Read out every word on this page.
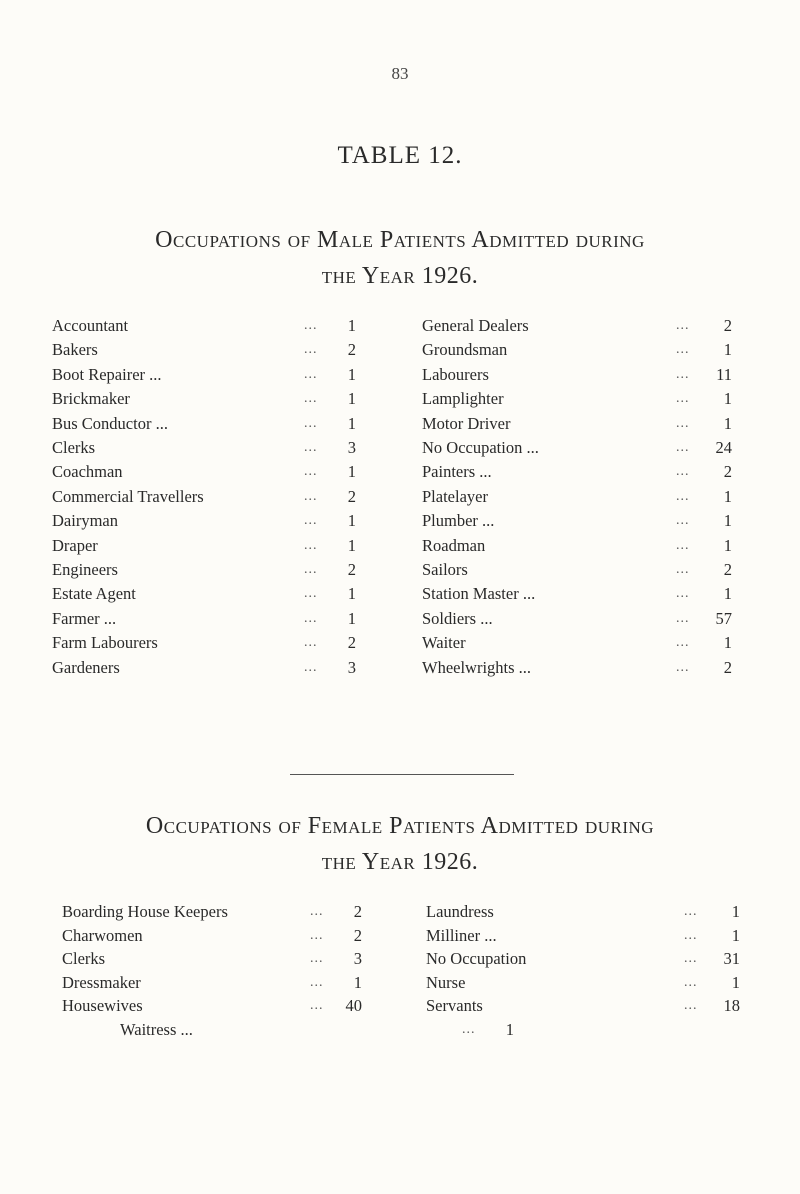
83
TABLE 12.
Occupations of Male Patients Admitted during
the Year 1926.
Accountant	...	1
Bakers	...	2
Boot Repairer ...	...	1
Brickmaker	...	1
Bus Conductor ...	...	1
Clerks	...	3
Coachman	...	1
Commercial Travellers	...	2
Dairyman	...	1
Draper	...	1
Engineers	...	2
Estate Agent	...	1
Farmer ...	...	1
Farm Labourers	...	2
Gardeners	...	3
General Dealers	...	2
Groundsman	...	1
Labourers	...	11
Lamplighter	...	1
Motor Driver	...	1
No Occupation ...	...	24
Painters ...	...	2
Platelayer	...	1
Plumber ...	...	1
Roadman	...	1
Sailors	...	2
Station Master ...	...	1
Soldiers ...	...	57
Waiter	...	1
Wheelwrights ...	...	2
Occupations of Female Patients Admitted during
the Year 1926.
Boarding House Keepers	...	2
Charwomen	...	2
Clerks	...	3
Dressmaker	...	1
Housewives	... 40
Laundress	...	1
Milliner ...	...	1
No Occupation	...	31
Nurse	...	1
Servants	...	18
Waitress ...	...	1
